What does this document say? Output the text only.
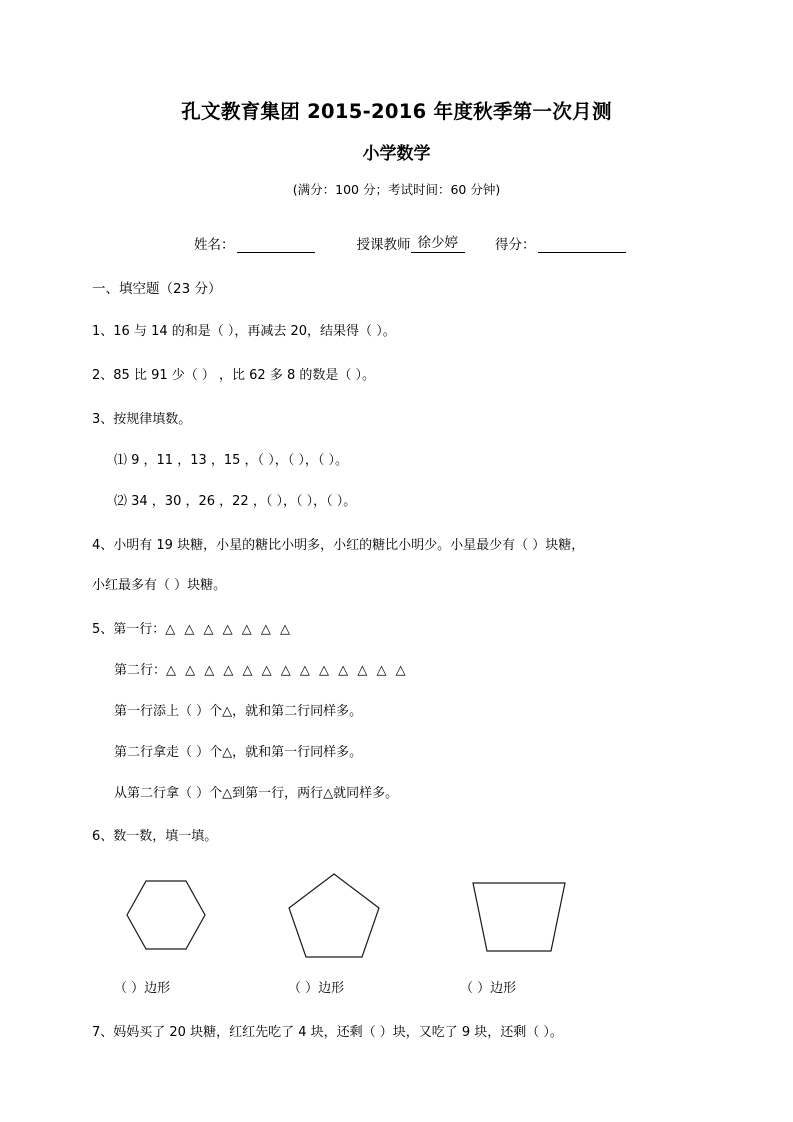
孔文教育集团 2015-2016 年度秋季第一次月测
小学数学

(满分：100 分；考试时间：60 分钟)

姓名：	授课教师 徐少婷	得分：
一、填空题（23 分）
1、16 与 14 的和是（ ），再减去 20，结果得（ ）。
2、85 比 91 少（ ） ，比 62 多 8 的数是（ ）。
3、按规律填数。
⑴ 9 ，11 ，13 ，15 ，（ ），（ ），（ ）。
⑵ 34 ，30 ，26 ，22 ，（ ），（ ），（ ）。
4、小明有 19 块糖，小星的糖比小明多，小红的糖比小明少。小星最少有（ ）块糖，
小红最多有（ ）块糖。
5、第一行：△ △ △ △ △ △ △
第二行：△ △ △ △ △ △ △ △ △ △ △ △ △
第一行添上（ ）个△，就和第二行同样多。
第二行拿走（ ）个△，就和第一行同样多。
从第二行拿（ ）个△到第一行，两行△就同样多。
6、数一数，填一填。
（ ）边形	（ ）边形	（ ）边形
7、妈妈买了 20 块糖，红红先吃了 4 块，还剩（ ）块，又吃了 9 块，还剩（ ）。
